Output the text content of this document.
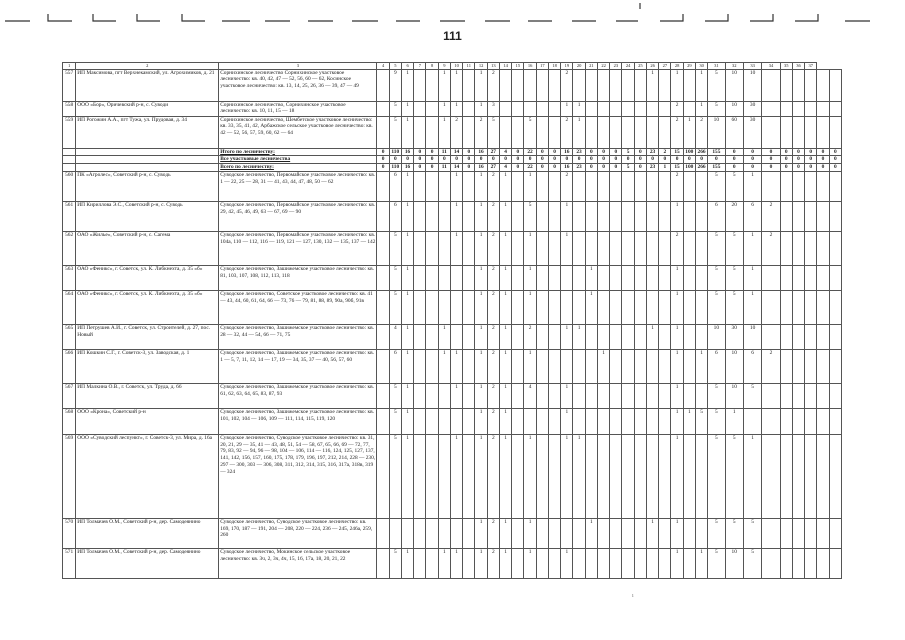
111
1	2	3	4	5	6	7	8	9	10	11	12	13	14	15	16	17	18	19	20	21	22	23	24	25	26	27	28	29	30	31	32	33	34	35	36	37		
557	ИП Максимова, пгт Верхнекамский, ул. Агрохимиков, д. 21	Сорнихинское лесничество Сорнихинское участковое лесничество: кв. 40, 42, 47 — 52, 56, 60 — 62, Косинское участковое лесничество: кв. 13, 14, 25, 26, 36 — 39, 47 — 49		9	1			1	1		1	2						2							1		1		1	5	10	10						
558	ООО «Бор», Оричевский р-н, с. Суводи	Сорнихинское лесничество, Сорнихинское участковое лесничество: кв. 10, 11, 15 — 18		5	1			1	1		1	3						1	1								2		1	5	10	30						
559	ИП Рогожин А.А., пгт Тужа, ул. Прудовая, д. 34	Сорнихинское лесничество, Шембетское участковое лесничество: кв. 33, 35, 41, 42, Арбажское сельское участковое лесничество: кв. 42 — 52, 56, 57, 59, 60, 62 — 64		5	1			1	2		2	5			5			2	1								2	1	2	10	60	30						
		Итого по лесничеству:	0	110	16	0	0	11	14	0	16	27	4	0	22	0	0	16	23	0	0	0	5	0	23	2	15	100	266	155	0	0	0	0	0	0	0	0
		Все участковые лесничества	0	0	0	0	0	0	0	0	0	0	0	0	0	0	0	0	0	0	0	0	0	0	0	0	0	0	0	0	0	0	0	0	0	0	0	0
		Всего по лесничеству:	0	110	16	0	0	11	14	0	16	27	4	0	22	0	0	16	23	0	0	0	5	0	23	1	15	100	266	155	0	0	0	0	0	0	0	0
560	ПК «Агролес», Советский р-н, с. Суводь	Суводское лесничество, Первомайское участковое лесничество: кв. 1 — 22, 25 — 28, 31 — 41, 43, 44, 47, 48, 50 — 62		6	1				1		1	2	1		1			2									2			5	5	1						
561	ИП Кириллова Э.С., Советский р-н, с. Суводь	Суводское лесничество, Первомайское участковое лесничество: кв. 29, 42, 45, 46, 49, 63 — 67, 69 — 90		6	1				1		1	2	1		5			1									1			6	20	6	2					
562	ОАО «Жилье», Советский р-н, с. Сагема	Суводское лесничество, Первомайское участковое лесничество: кв. 104а, 110 — 112, 116 — 119, 121 — 127, 130, 132 — 135, 137 — 142		5	1				1		1	2	1		1			1									2			5	5	1	2					
563	ОАО «Феникс», г. Советск, ул. К. Либкнехта, д. 35 «б»	Суводское лесничество, Зашижемское участковое лесничество: кв. 81, 103, 107, 108, 112, 113, 118		5	1						1	2	1		1					1							1			5	5	1						
564	ОАО «Феникс», г. Советск, ул. К. Либкнехта, д. 35 «б»	Суводское лесничество, Советское участковое лесничество: кв. 41 — 43, 44, 60, 61, 64, 66 — 73, 76 — 79, 81, 88, 89, 90а, 90б, 91в		5	1						1	2	1		1					1							1			5	5	1						
565	ИП Петрушев А.И., г. Советск, ул. Строителей, д. 27, пос. Новый	Суводское лесничество, Зашижемское участковое лесничество: кв. 28 — 32, 44 — 54, 66 — 71, 75		4	1			1			1	2	1		2			1	1						1		1			10	30	10						
566	ИП Кошкин С.Г., г. Советск-3, ул. Заводская, д. 1	Суводское лесничество, Зашижемское участковое лесничество: кв. 1 — 5, 7, 11, 12, 14 — 17, 19 — 34, 35, 37 — 40, 56, 57, 60		6	1			1	1		1	2	1		1						1						1		1	6	10	6	2					
567	ИП Малкина О.В., г. Советск, ул. Труда, д. 66	Суводское лесничество, Зашижемское участковое лесничество: кв. 61, 62, 63, 64, 65, 83, 87, 93		5	1				1		1	2	1		4			1									1			5	10	5						
568	ООО «Крона», Советский р-н	Суводское лесничество, Зашижемское участковое лесничество: кв. 101, 102, 104 — 106, 109 — 111, 114, 115, 119, 120		5	1						1	2	1					1									1	1	5	5	1							
569	ООО «Суводский леспункт», г. Советск-3, ул. Мира, д. 16а	Суводское лесничество, Суводское участковое лесничество: кв. 31, 20, 21, 29 — 35, 41 — 43, 48, 51, 54 — 58, 67, 65, 66, 69 — 72, 77, 79, 83, 92 — 94, 96 — 98, 104 — 106, 114 — 116, 124, 125, 127, 137, 141, 142, 156, 157, 160, 175, 178, 179, 196, 197, 212, 214, 228 — 230, 297 — 300, 303 — 306, 308, 311, 312, 314, 315, 316, 317а, 318в, 319 — 324		5	1				1		1	2	1		1			1	1								1			5	5	1						
570	ИП Толмачев О.М., Советский р-н, дер. Самодеянино	Суводское лесничество, Суводское участковое лесничество: кв. 169, 170, 187 — 191, 204 — 208, 220 — 224, 236 — 245, 246а, 259, 260									1	2	1		1					1					1		1			5	5	5						
571	ИП Толмачев О.М., Советский р-н, дер. Самодеянино	Суводское лесничество, Мокинское сельское участковое лесничество: кв. 3ч, 2, 3ч, 4ч, 15, 16, 17а, 18, 20, 21, 22		5	1			1	1		1	2	1		1			1									1		1	5	10	5						
ı
